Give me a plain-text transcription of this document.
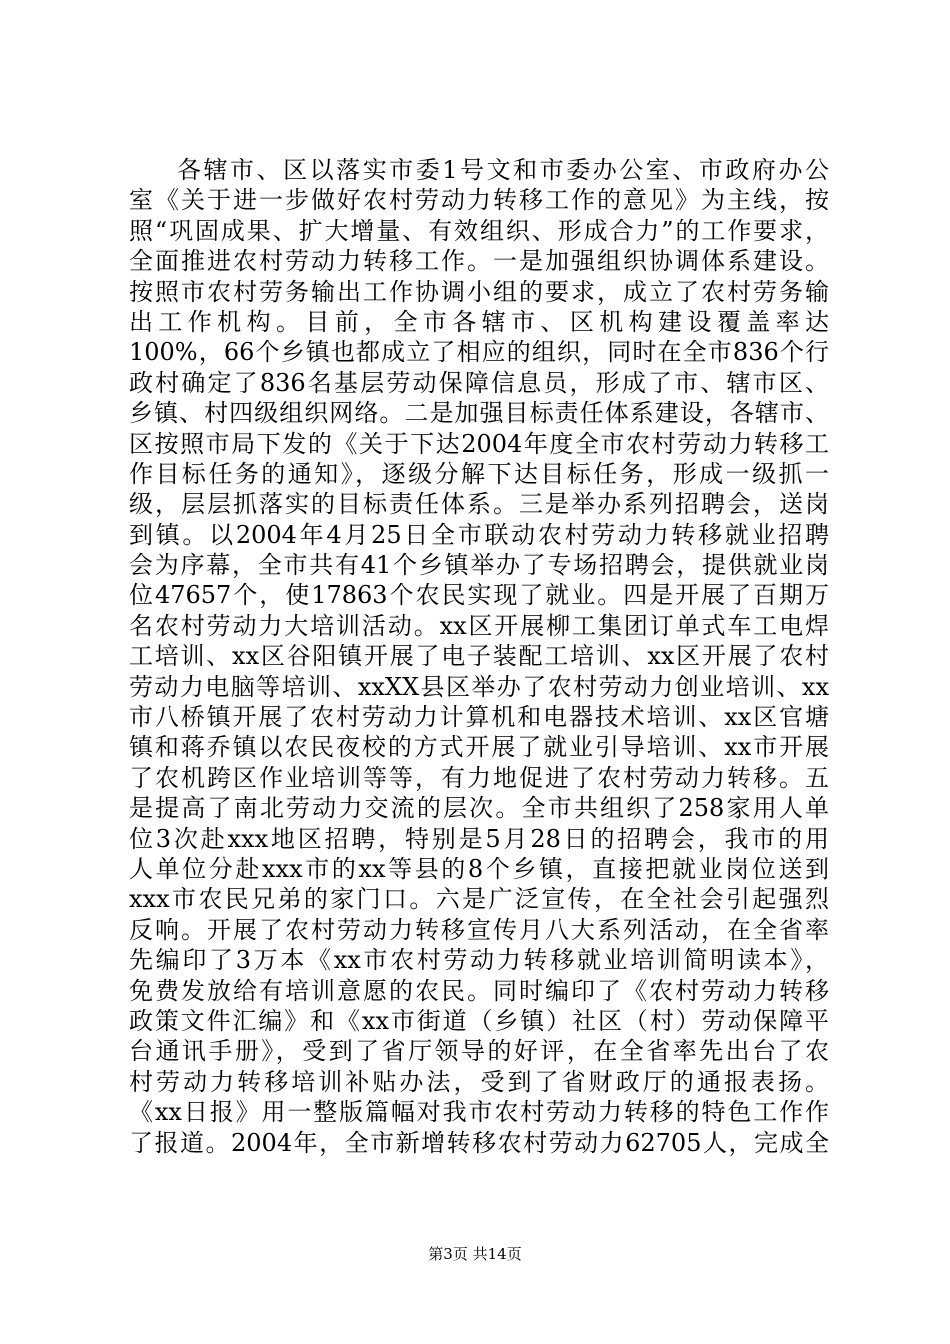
各辖市、区以落实市委1号文和市委办公室、市政府办公
室《关于进一步做好农村劳动力转移工作的意见》为主线，按
照“巩固成果、扩大增量、有效组织、形成合力”的工作要求，
全面推进农村劳动力转移工作。一是加强组织协调体系建设。
按照市农村劳务输出工作协调小组的要求，成立了农村劳务输
出工作机构。目前，全市各辖市、区机构建设覆盖率达
100%，66个乡镇也都成立了相应的组织，同时在全市836个行
政村确定了836名基层劳动保障信息员，形成了市、辖市区、
乡镇、村四级组织网络。二是加强目标责任体系建设，各辖市、
区按照市局下发的《关于下达2004年度全市农村劳动力转移工
作目标任务的通知》，逐级分解下达目标任务，形成一级抓一
级，层层抓落实的目标责任体系。三是举办系列招聘会，送岗
到镇。以2004年4月25日全市联动农村劳动力转移就业招聘
会为序幕，全市共有41个乡镇举办了专场招聘会，提供就业岗
位47657个，使17863个农民实现了就业。四是开展了百期万
名农村劳动力大培训活动。xx区开展柳工集团订单式车工电焊
工培训、xx区谷阳镇开展了电子装配工培训、xx区开展了农村
劳动力电脑等培训、xxXX县区举办了农村劳动力创业培训、xx
市八桥镇开展了农村劳动力计算机和电器技术培训、xx区官塘
镇和蒋乔镇以农民夜校的方式开展了就业引导培训、xx市开展
了农机跨区作业培训等等，有力地促进了农村劳动力转移。五
是提高了南北劳动力交流的层次。全市共组织了258家用人单
位3次赴xxx地区招聘，特别是5月28日的招聘会，我市的用
人单位分赴xxx市的xx等县的8个乡镇，直接把就业岗位送到
xxx市农民兄弟的家门口。六是广泛宣传，在全社会引起强烈
反响。开展了农村劳动力转移宣传月八大系列活动，在全省率
先编印了3万本《xx市农村劳动力转移就业培训简明读本》，
免费发放给有培训意愿的农民。同时编印了《农村劳动力转移
政策文件汇编》和《xx市街道（乡镇）社区（村）劳动保障平
台通讯手册》，受到了省厅领导的好评，在全省率先出台了农
村劳动力转移培训补贴办法，受到了省财政厅的通报表扬。
《xx日报》用一整版篇幅对我市农村劳动力转移的特色工作作
了报道。2004年，全市新增转移农村劳动力62705人，完成全
第3页 共14页
